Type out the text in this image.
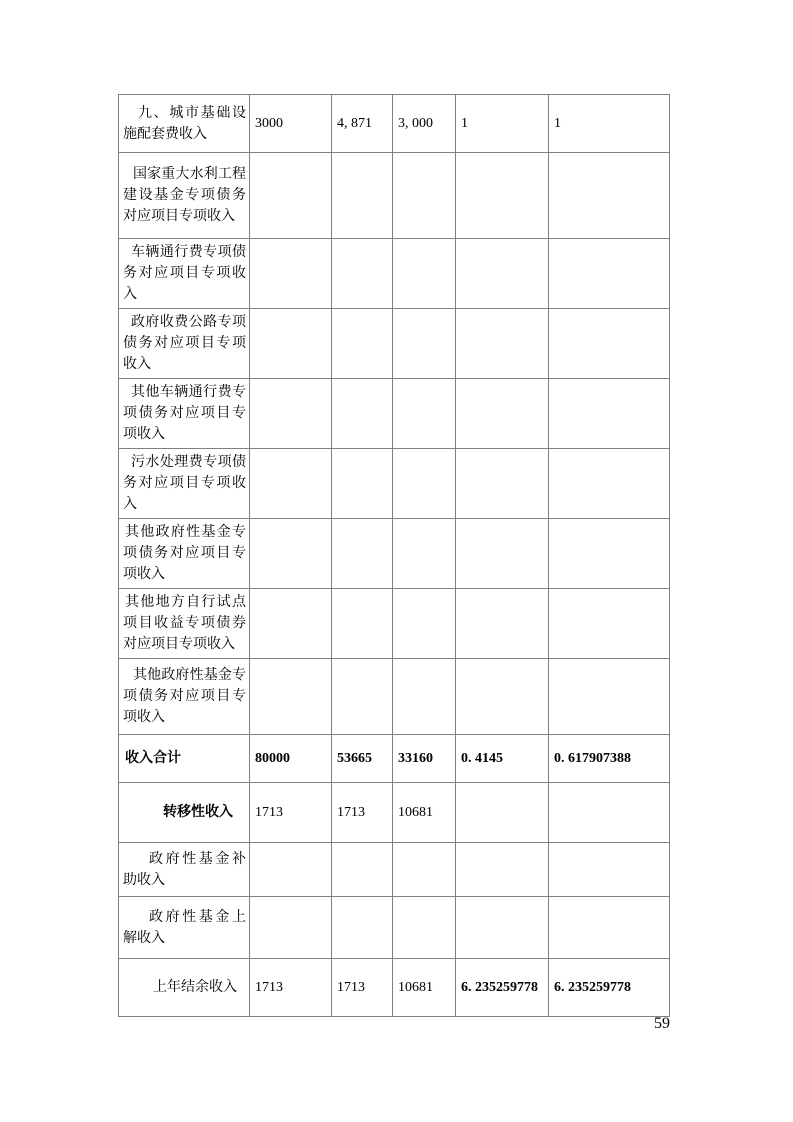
九、城市基础设施配套费收入	3000	4, 871	3, 000	1	1
国家重大水利工程建设基金专项债务对应项目专项收入					
车辆通行费专项债务对应项目专项收入					
政府收费公路专项债务对应项目专项收入					
其他车辆通行费专项债务对应项目专项收入					
污水处理费专项债务对应项目专项收入					
其他政府性基金专项债务对应项目专项收入					
其他地方自行试点项目收益专项债券对应项目专项收入					
其他政府性基金专项债务对应项目专项收入					
收入合计	80000	53665	33160	0. 4145	0. 617907388
转移性收入	1713	1713	10681		
政府性基金补助收入					
政府性基金上解收入					
上年结余收入	1713	1713	10681	6. 235259778	6. 235259778
59
